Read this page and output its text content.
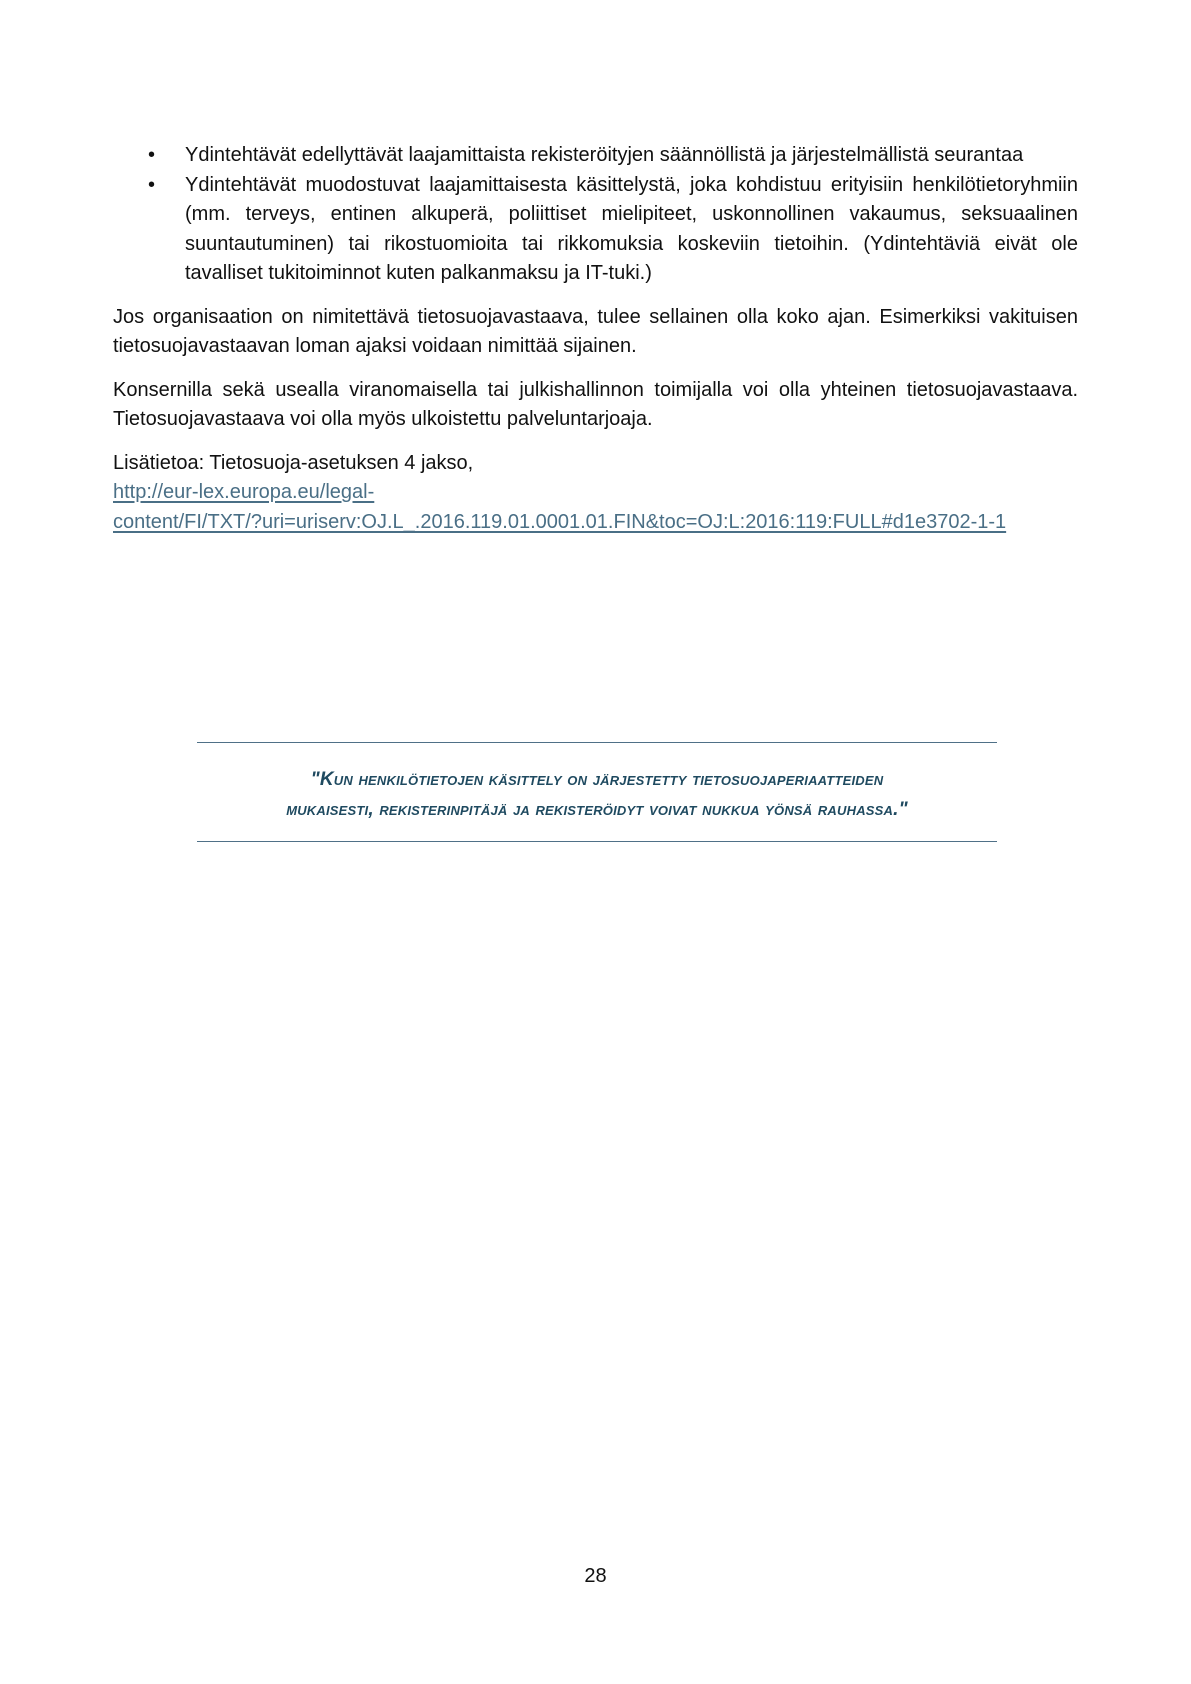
• Ydintehtävät edellyttävät laajamittaista rekisteröityjen säännöllistä ja järjestelmällistä seurantaa
• Ydintehtävät muodostuvat laajamittaisesta käsittelystä, joka kohdistuu erityisiin henkilötietoryhmiin (mm. terveys, entinen alkuperä, poliittiset mielipiteet, uskonnollinen vakaumus, seksuaalinen suuntautuminen) tai rikostuomioita tai rikkomuksia koskeviin tietoihin. (Ydintehtäviä eivät ole tavalliset tukitoiminnot kuten palkanmaksu ja IT-tuki.)

Jos organisaation on nimitettävä tietosuojavastaava, tulee sellainen olla koko ajan. Esimerkiksi vakituisen tietosuojavastaavan loman ajaksi voidaan nimittää sijainen.

Konsernilla sekä usealla viranomaisella tai julkishallinnon toimijalla voi olla yhteinen tietosuojavastaava. Tietosuojavastaava voi olla myös ulkoistettu palveluntarjoaja.

Lisätietoa: Tietosuoja-asetuksen 4 jakso,
http://eur-lex.europa.eu/legal-
content/FI/TXT/?uri=uriserv:OJ.L_.2016.119.01.0001.01.FIN&toc=OJ:L:2016:119:FULL#d1e3702-1-1

"Kun henkilötietojen käsittely on järjestetty tietosuojaperiaatteiden
mukaisesti, rekisterinpitäjä ja rekisteröidyt voivat nukkua yönsä rauhassa."
28
